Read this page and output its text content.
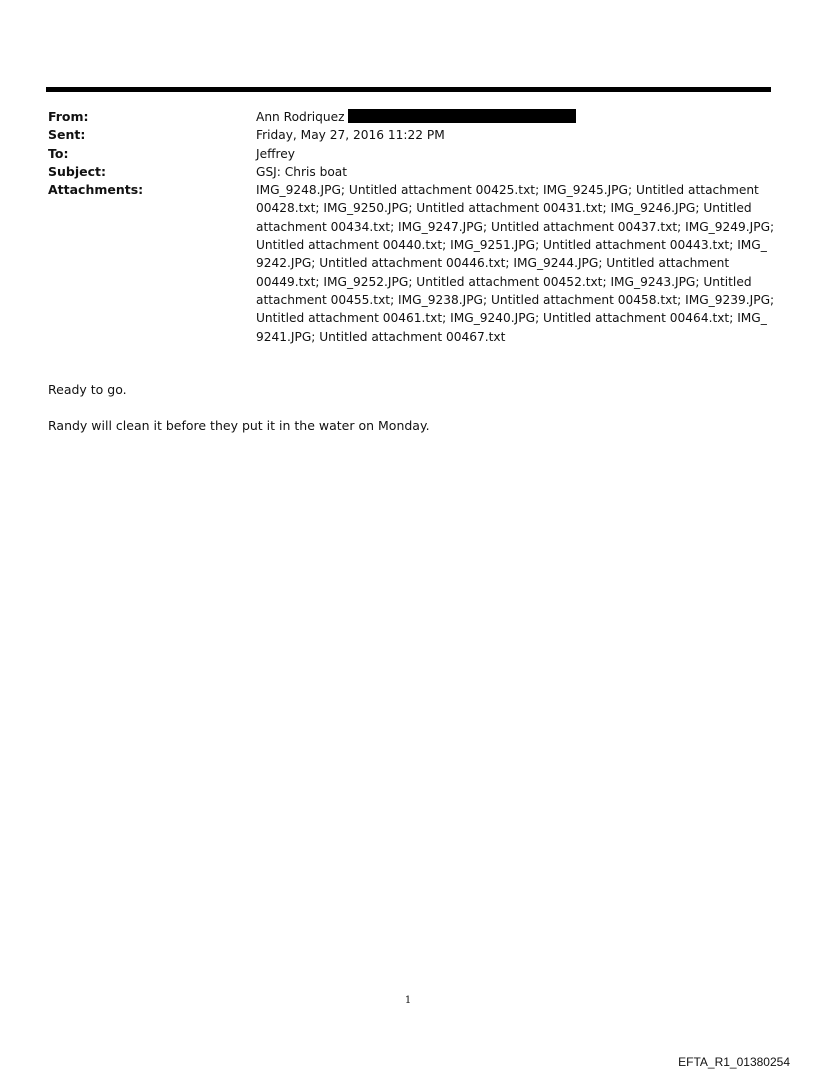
From:	Ann Rodriquez
Sent:	Friday, May 27, 2016 11:22 PM
To:	Jeffrey
Subject:	GSJ: Chris boat
Attachments:	IMG_9248.JPG; Untitled attachment 00425.txt; IMG_9245.JPG; Untitled attachment
00428.txt; IMG_9250.JPG; Untitled attachment 00431.txt; IMG_9246.JPG; Untitled
attachment 00434.txt; IMG_9247.JPG; Untitled attachment 00437.txt; IMG_9249.JPG;
Untitled attachment 00440.txt; IMG_9251.JPG; Untitled attachment 00443.txt; IMG_
9242.JPG; Untitled attachment 00446.txt; IMG_9244.JPG; Untitled attachment
00449.txt; IMG_9252.JPG; Untitled attachment 00452.txt; IMG_9243.JPG; Untitled
attachment 00455.txt; IMG_9238.JPG; Untitled attachment 00458.txt; IMG_9239.JPG;
Untitled attachment 00461.txt; IMG_9240.JPG; Untitled attachment 00464.txt; IMG_
9241.JPG; Untitled attachment 00467.txt

Ready to go.

Randy will clean it before they put it in the water on Monday.

1
EFTA_R1_01380254
